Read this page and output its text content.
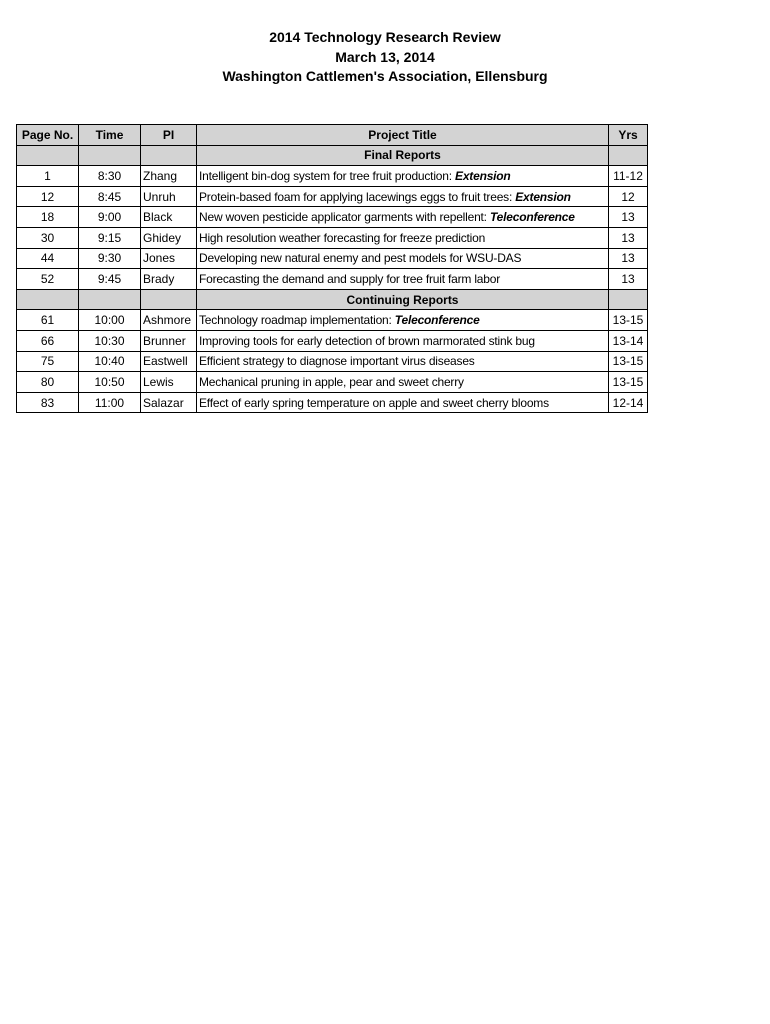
2014 Technology Research Review
March 13, 2014
Washington Cattlemen's Association, Ellensburg
Page No.	Time	PI	Project Title	Yrs
			Final Reports	
1	8:30	Zhang	Intelligent bin-dog system for tree fruit production: Extension	11-12
12	8:45	Unruh	Protein-based foam for applying lacewings eggs to fruit trees: Extension	12
18	9:00	Black	New woven pesticide applicator garments with repellent: Teleconference	13
30	9:15	Ghidey	High resolution weather forecasting for freeze prediction	13
44	9:30	Jones	Developing new natural enemy and pest models for WSU-DAS	13
52	9:45	Brady	Forecasting the demand and supply for tree fruit farm labor	13
			Continuing Reports	
61	10:00	Ashmore	Technology roadmap implementation: Teleconference	13-15
66	10:30	Brunner	Improving tools for early detection of brown marmorated stink bug	13-14
75	10:40	Eastwell	Efficient strategy to diagnose important virus diseases	13-15
80	10:50	Lewis	Mechanical pruning in apple, pear and sweet cherry	13-15
83	11:00	Salazar	Effect of early spring temperature on apple and sweet cherry blooms	12-14
